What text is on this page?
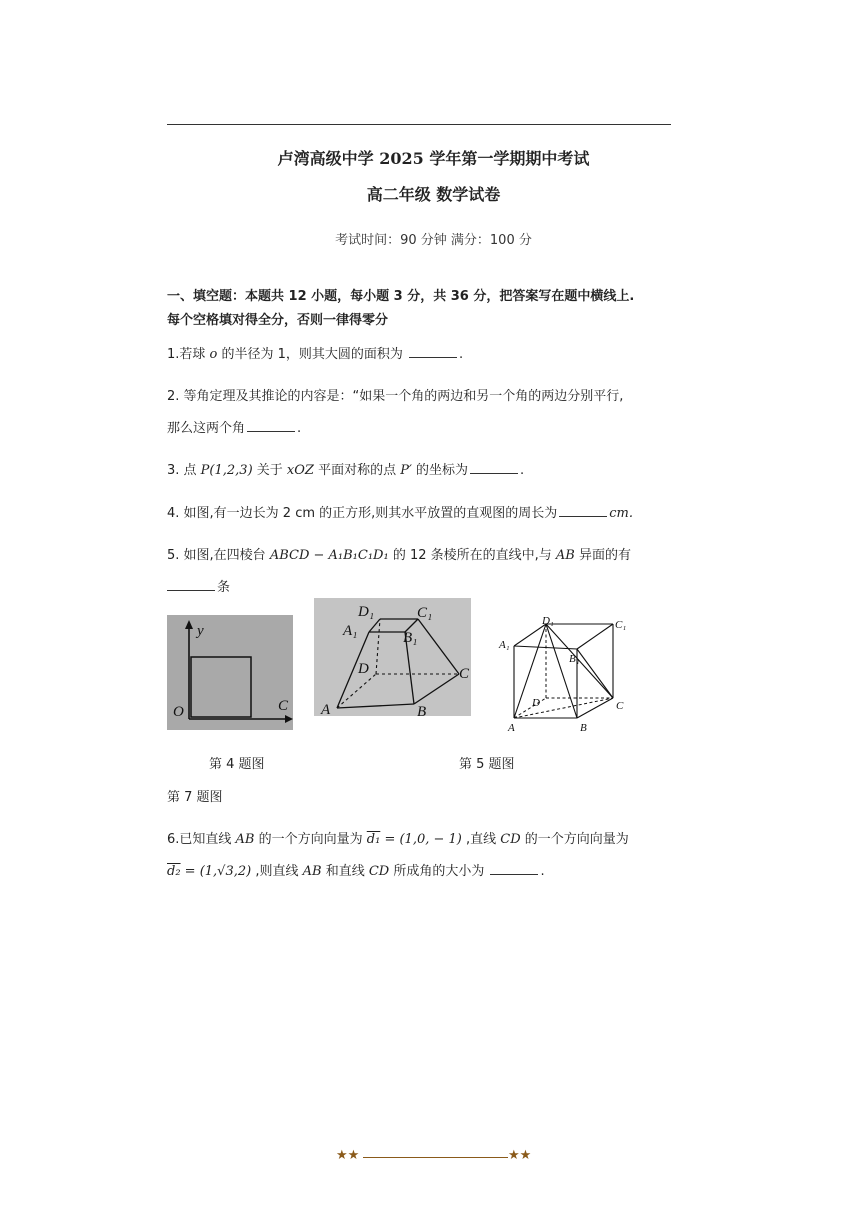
卢湾高级中学 2025 学年第一学期期中考试
高二年级 数学试卷
考试时间：90 分钟 满分：100 分
一、填空题：本题共 12 小题，每小题 3 分，共 36 分，把答案写在题中横线上.
每个空格填对得全分，否则一律得零分
1.若球 o 的半径为 1，则其大圆的面积为	.
2. 等角定理及其推论的内容是：“如果一个角的两边和另一个角的两边分别平行,
那么这两个角	.
3. 点 P(1,2,3) 关于 xOZ 平面对称的点 P′ 的坐标为	.
4. 如图,有一边长为 2 cm 的正方形,则其水平放置的直观图的周长为	cm.
5. 如图,在四棱台 ABCD − A₁B₁C₁D₁ 的 12 条棱所在的直线中,与 AB 异面的有
条
y
O	C A	B
C
D
A₁	B₁
C₁
D₁
A	B
C
D
A₁
B₁
C₁
D₁
第 4 题图	第 5 题图
第 7 题图
6.已知直线 AB 的一个方向向量为 d₁ = (1,0, − 1) ,直线 CD 的一个方向向量为
d₂ = (1,√3,2) ,则直线 AB 和直线 CD 所成角的大小为	.
★★	★★
